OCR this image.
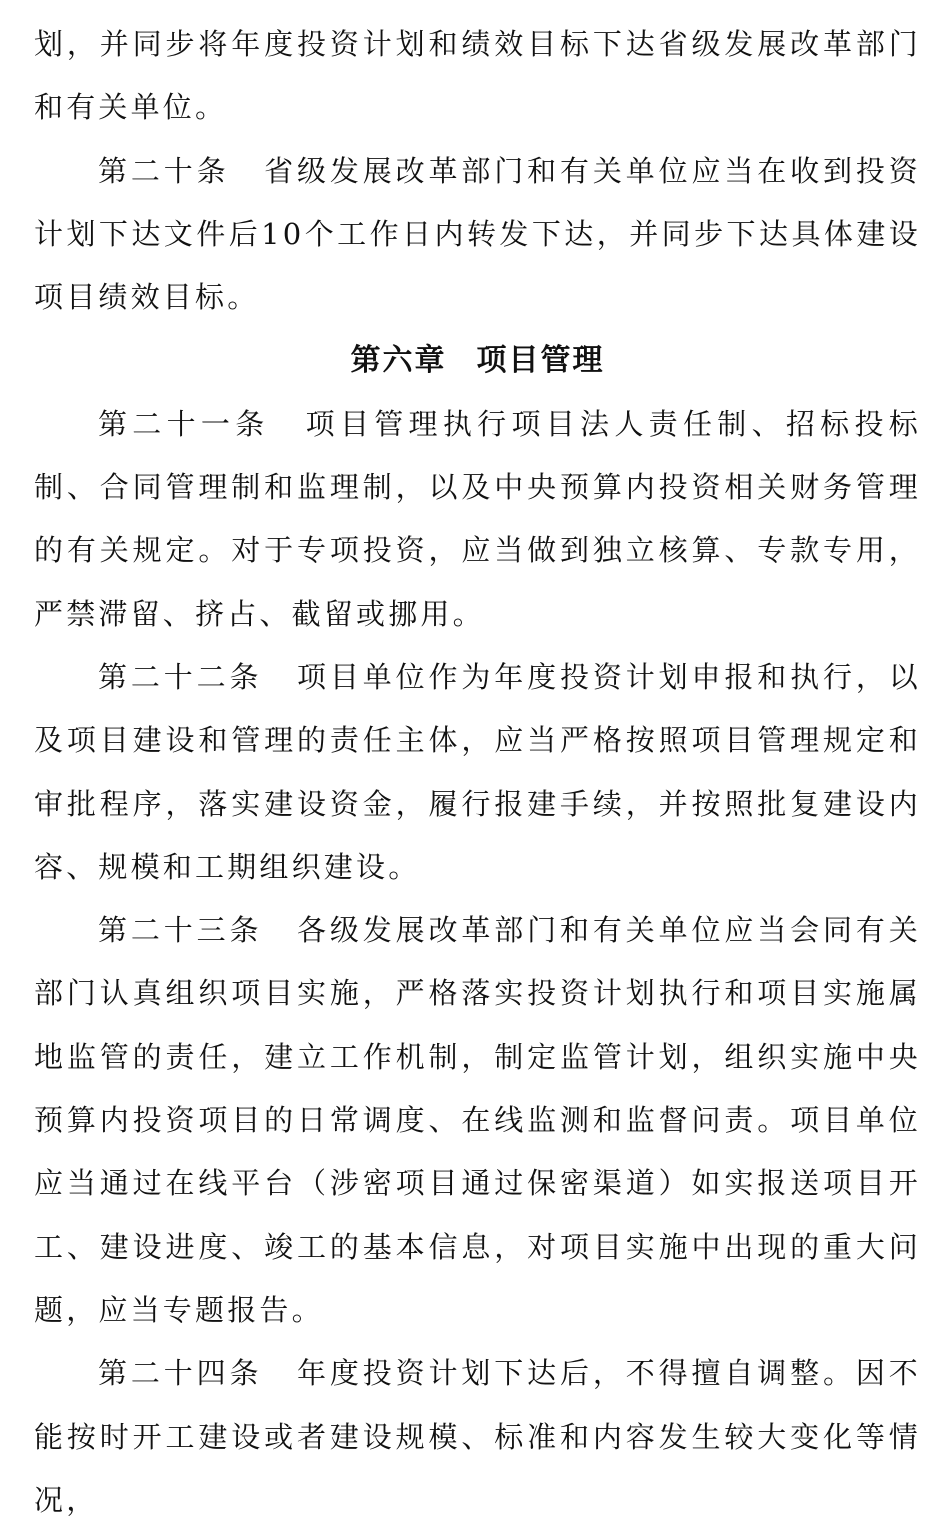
划，并同步将年度投资计划和绩效目标下达省级发展改革部门和有关单位。

第二十条 省级发展改革部门和有关单位应当在收到投资计划下达文件后10个工作日内转发下达，并同步下达具体建设项目绩效目标。

第六章 项目管理

第二十一条 项目管理执行项目法人责任制、招标投标制、合同管理制和监理制，以及中央预算内投资相关财务管理的有关规定。对于专项投资，应当做到独立核算、专款专用，严禁滞留、挤占、截留或挪用。

第二十二条 项目单位作为年度投资计划申报和执行，以及项目建设和管理的责任主体，应当严格按照项目管理规定和审批程序，落实建设资金，履行报建手续，并按照批复建设内容、规模和工期组织建设。

第二十三条 各级发展改革部门和有关单位应当会同有关部门认真组织项目实施，严格落实投资计划执行和项目实施属地监管的责任，建立工作机制，制定监管计划，组织实施中央预算内投资项目的日常调度、在线监测和监督问责。项目单位应当通过在线平台（涉密项目通过保密渠道）如实报送项目开工、建设进度、竣工的基本信息，对项目实施中出现的重大问题，应当专题报告。

第二十四条 年度投资计划下达后，不得擅自调整。因不能按时开工建设或者建设规模、标准和内容发生较大变化等情况，
